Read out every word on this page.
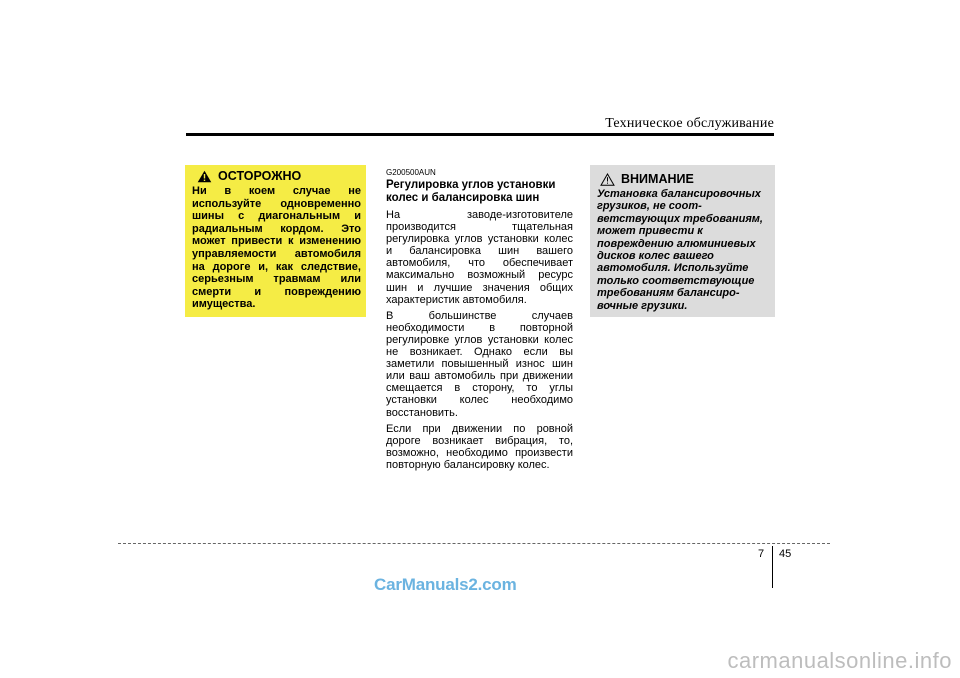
Техническое обслуживание
ОСТОРОЖНО
Ни в коем случае не используйте одновременно шины с диагональным и радиальным кордом. Это может привести к изменению управляемости автомобиля на дороге и, как следствие, серьезным травмам или смерти и повреждению имущества.
G200500AUN
Регулировка углов установки колес и балансировка шин

На заводе-изготовителе производится тщательная регулировка углов установки колес и балансировка шин вашего автомобиля, что обеспечивает максимально возможный ресурс шин и лучшие значения общих характеристик автомобиля.

В большинстве случаев необходимости в повторной регулировке углов установки колес не возникает. Однако если вы заметили повышенный износ шин или ваш автомобиль при движении смещается в сторону, то углы установки колес необходимо восстановить.

Если при движении по ровной дороге возникает вибрация, то, возможно, необходимо произвести повторную балансировку колес.

ВНИМАНИЕ
Установка балансировочных
грузиков, не соот-
ветствующих требованиям,
может привести к
повреждению алюминиевых
дисков колес вашего
автомобиля. Используйте
только соответствующие
требованиям балансиро-
вочные грузики.
7 45
CarManuals2.com
carmanualsonline.info
